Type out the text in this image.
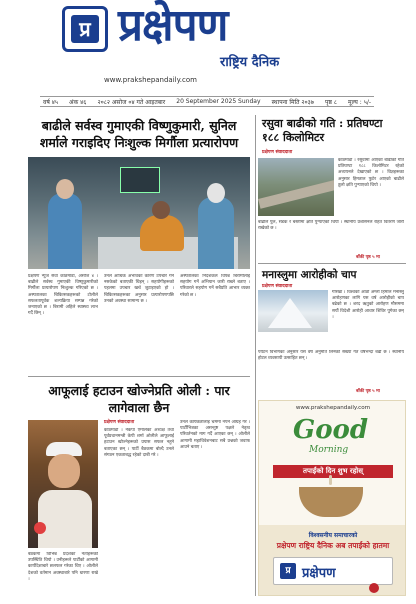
प्र प्रक्षेपण
राष्ट्रिय दैनिक
www.prakshepandaily.com
वर्ष ४५ अंक ४६ २०८२ असोज ०४ गते आइतबार 20 September 2025 Sunday स्थापना मिति २०३७ पृष्ठ ८ मूल्य : ५/-
बाढीले सर्वस्व गुमाएकी विष्णुकुमारी, सुनिल शर्माले गराइदिए निःशुल्क मिर्गौला प्रत्यारोपण
प्रक्षेपण न्युज सेवा काठमाडौं, असोज ४ । बाढीले सर्वस्व गुमाएकी विष्णुकुमारीको मिर्गौला प्रत्यारोपण निःशुल्क गरिएको छ । अस्पतालका चिकित्सकहरूको टोलीले सफलतापूर्वक शल्यक्रिया सम्पन्न गरेको जनाएको छ । बिरामी अहिले स्वास्थ्य लाभ गर्दै छिन् ।
उनले आर्थिक अभावका कारण उपचार गर्न नसकेको बताएकी थिइन् । सहयोगीहरूको पहलमा उपचार खर्च जुटाइएको हो । चिकित्सकहरूका अनुसार प्रत्यारोपणपछि उनको अवस्था सामान्य छ ।
अस्पतालका निर्देशकले विपन्न बिरामीलाई सहयोग गर्ने अभियान जारी राख्ने बताए । परिवारले सहयोग गर्ने सबैप्रति आभार व्यक्त गरेको छ ।
आफूलाई हटाउन खोज्नेप्रति ओली : पार लागेवाला छैन
प्रक्षेपण संवाददाता
काठमाडौं । नेकपा एमालेका अध्यक्ष तथा पूर्वप्रधानमन्त्री केपी शर्मा ओलीले आफूलाई हटाउन खोज्नेहरूको प्रयास सफल नहुने बताएका छन् । पार्टी बैठकमा बोल्दै उनले संगठन एकताबद्ध रहेको दाबी गरे ।
उनले कार्यकर्तालाई भ्रममा नपर्न आग्रह गरे । पार्टीभित्रका असन्तुष्ट पक्षले नेतृत्व परिवर्तनको माग गर्दै आएका छन् । ओलीले आगामी महाधिवेशनबाट सबै प्रश्नको जवाफ आउने बताए ।
बैठकमा विभिन्न प्रदेशका नेताहरूको उपस्थिति थियो । उनीहरूले पार्टीको आगामी कार्यदिशाबारे छलफल गरेका थिए । ओलीले देशको वर्तमान अवस्थाबारे पनि धारणा राखे ।
रसुवा बाढीको गति : प्रतिघण्टा १८८ किलोमिटर
प्रक्षेपण संवाददाता
काठमाडौं । रसुवामा आएको बाढीको गति प्रतिघण्टा १८८ किलोमिटर रहेको अध्ययनले देखाएको छ । विज्ञहरूका अनुसार हिमताल फुटेर आएको बाढीले ठूलो क्षति पुर्‍याएको थियो ।
बाढीले पुल, सडक र बस्तीमा क्षति पुर्‍याएको थियो । स्थानीय प्रशासनले राहत वितरण जारी राखेको छ ।
बाँकी पृष्ठ ५ मा
मनास्लुमा आरोहीको चाप
प्रक्षेपण संवाददाता
गोरखा । विश्वको आठौं अग्लो हिमाल मनास्लु आरोहणका लागि यस वर्ष आरोहीको चाप बढेको छ । शरद ऋतुको आरोहण मौसममा सयौं विदेशी आरोही आधार शिविर पुगेका छन् ।
पर्यटन विभागका अनुसार यस वर्ष अनुमति लिनेको संख्या गत वर्षभन्दा बढी छ । स्थानीय होटल व्यवसायी उत्साहित छन् ।
बाँकी पृष्ठ ५ मा
www.prakshepandaily.com
Good
Morning
तपाईंको दिन शुभ रहोस्
विश्वसनीय समाचारको
प्रक्षेपण राष्ट्रिय दैनिक अब तपाईंको हातमा
प्र प्रक्षेपण
